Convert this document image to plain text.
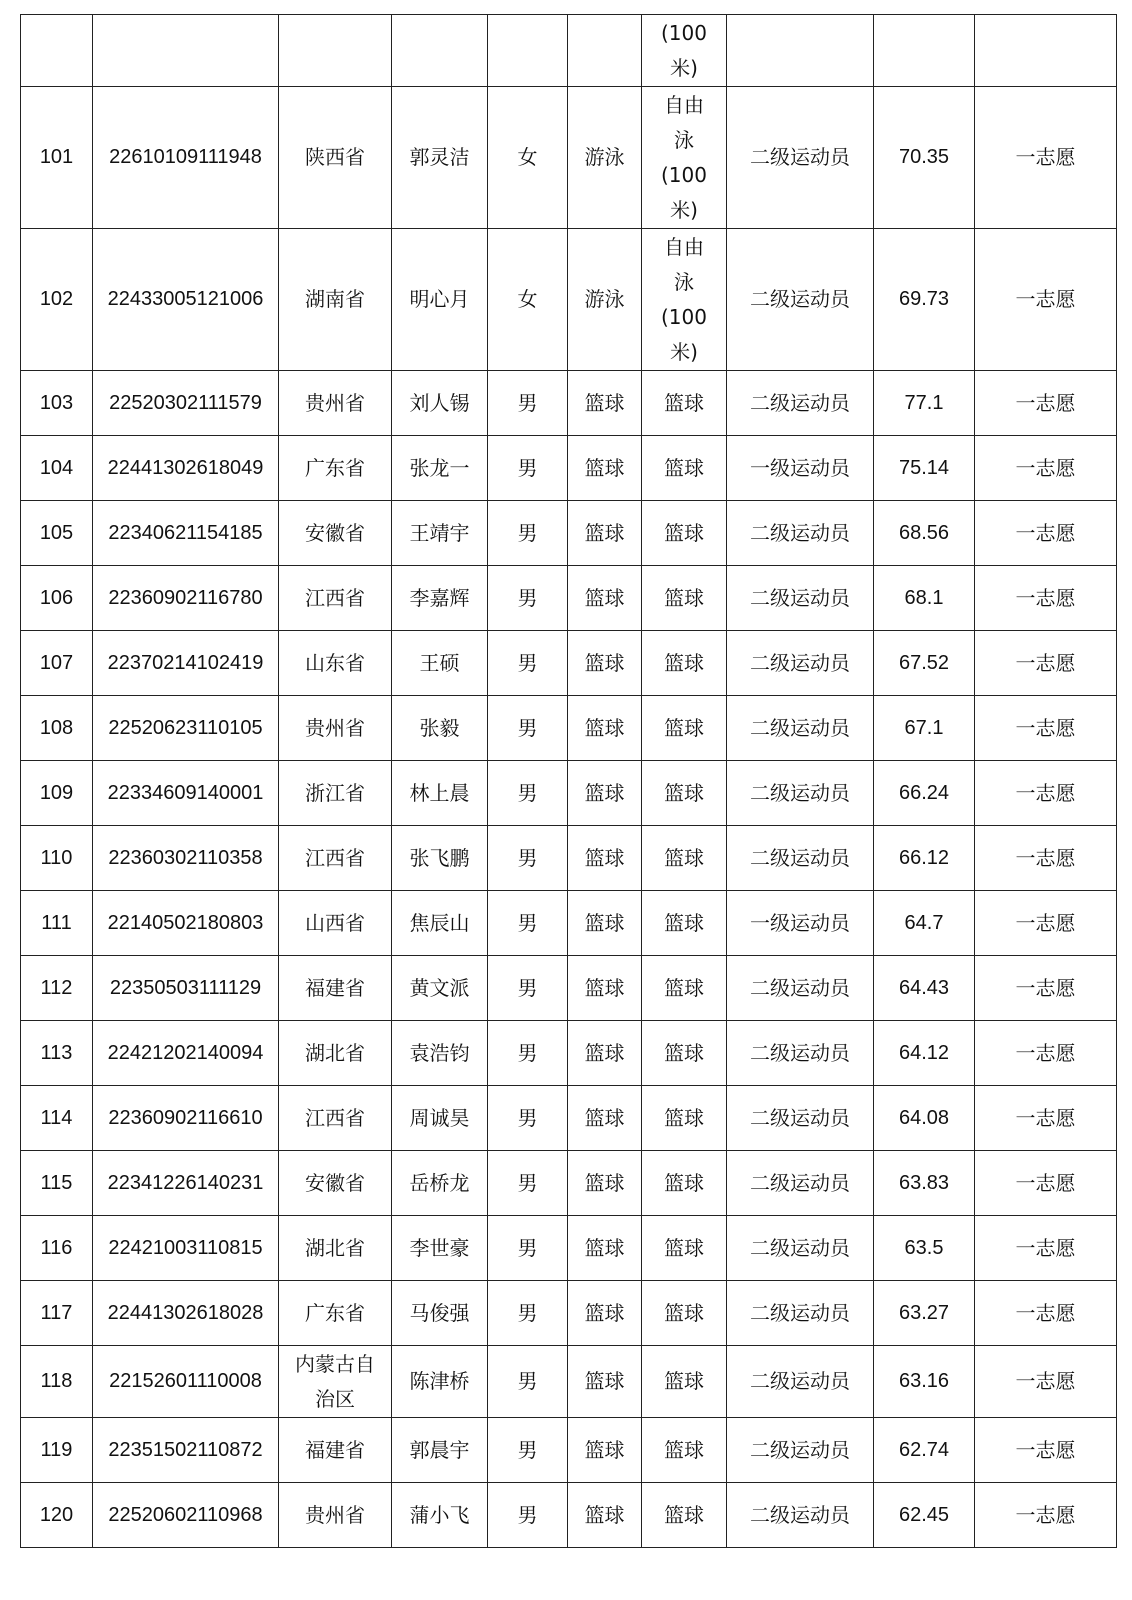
						(100
米)			

101	22610109111948	陕西省	郭灵洁	女	游泳	自由
泳
(100
米)	二级运动员	70.35	一志愿
102	22433005121006	湖南省	明心月	女	游泳	自由
泳
(100
米)	二级运动员	69.73	一志愿
103	22520302111579	贵州省	刘人锡	男	篮球	篮球	二级运动员	77.1	一志愿
104	22441302618049	广东省	张龙一	男	篮球	篮球	一级运动员	75.14	一志愿
105	22340621154185	安徽省	王靖宇	男	篮球	篮球	二级运动员	68.56	一志愿
106	22360902116780	江西省	李嘉辉	男	篮球	篮球	二级运动员	68.1	一志愿
107	22370214102419	山东省	王硕	男	篮球	篮球	二级运动员	67.52	一志愿
108	22520623110105	贵州省	张毅	男	篮球	篮球	二级运动员	67.1	一志愿
109	22334609140001	浙江省	林上晨	男	篮球	篮球	二级运动员	66.24	一志愿
110	22360302110358	江西省	张飞鹏	男	篮球	篮球	二级运动员	66.12	一志愿
111	22140502180803	山西省	焦辰山	男	篮球	篮球	一级运动员	64.7	一志愿
112	22350503111129	福建省	黄文派	男	篮球	篮球	二级运动员	64.43	一志愿
113	22421202140094	湖北省	袁浩钧	男	篮球	篮球	二级运动员	64.12	一志愿
114	22360902116610	江西省	周诚昊	男	篮球	篮球	二级运动员	64.08	一志愿
115	22341226140231	安徽省	岳桥龙	男	篮球	篮球	二级运动员	63.83	一志愿
116	22421003110815	湖北省	李世豪	男	篮球	篮球	二级运动员	63.5	一志愿
117	22441302618028	广东省	马俊强	男	篮球	篮球	二级运动员	63.27	一志愿
118	22152601110008	内蒙古自
治区	陈津桥	男	篮球	篮球	二级运动员	63.16	一志愿
119	22351502110872	福建省	郭晨宇	男	篮球	篮球	二级运动员	62.74	一志愿
120	22520602110968	贵州省	蒲小飞	男	篮球	篮球	二级运动员	62.45	一志愿
